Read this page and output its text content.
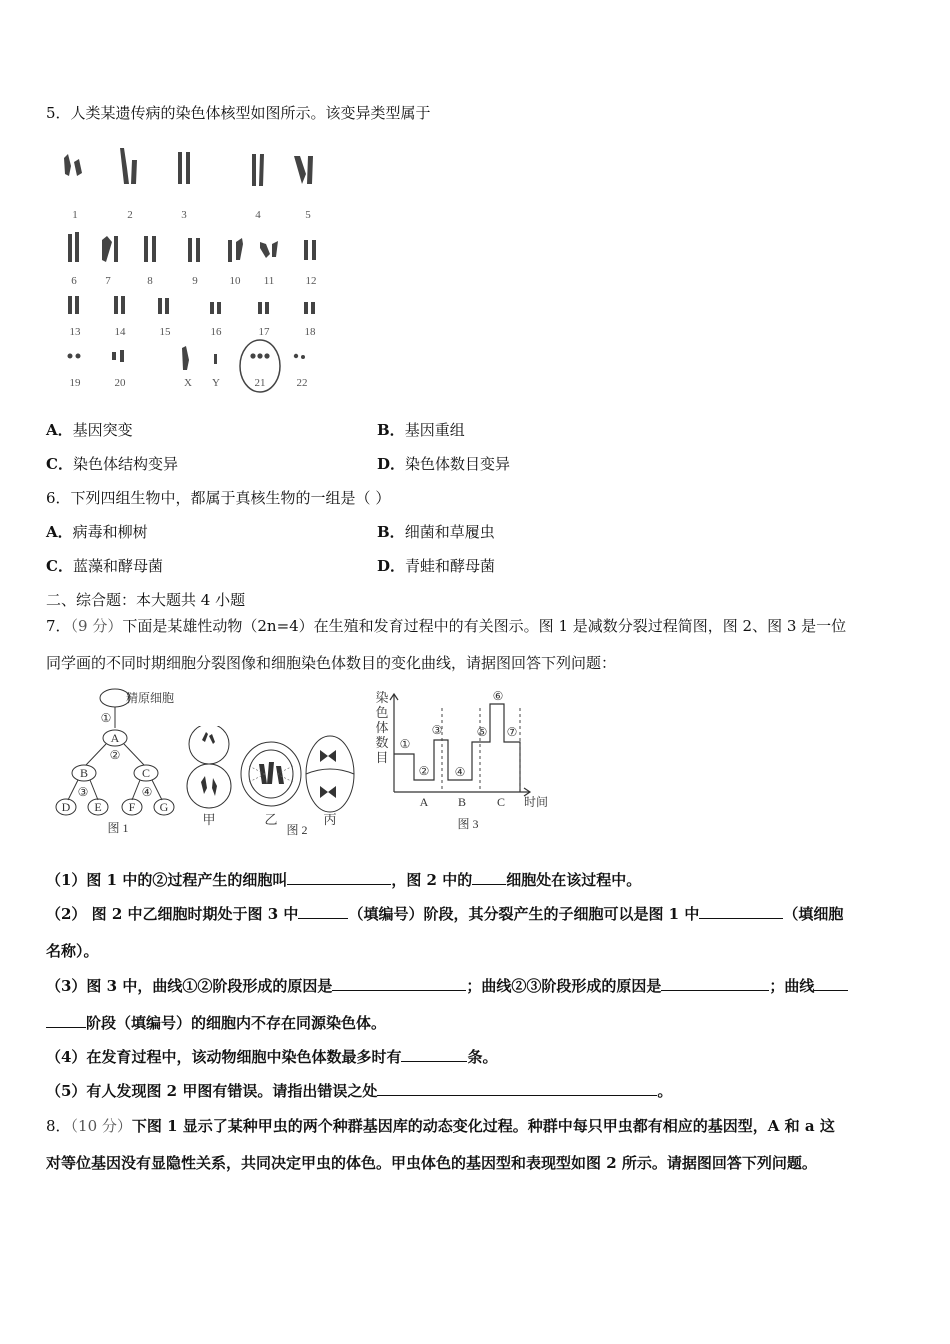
5．人类某遗传病的染色体核型如图所示。该变异类型属于
1	2	3	4	5
6	7	8	9	10 11	12
13	14	15	16	17	18
19	20	X Y	21	22
A．基因突变	B．基因重组
C．染色体结构变异	D．染色体数目变异
6．下列四组生物中，都属于真核生物的一组是（ ）
A．病毒和柳树	B．细菌和草履虫
C．蓝藻和酵母菌	D．青蛙和酵母菌
二、综合题：本大题共 4 小题
7．（9 分）下面是某雄性动物（2n=4）在生殖和发育过程中的有关图示。图 1 是减数分裂过程简图，图 2、图 3 是一位
同学画的不同时期细胞分裂图像和细胞染色体数目的变化曲线，请据图回答下列问题：
精原细胞
①
A
②
B	C
③	④
D E F G
图 1
甲	乙	丙
图 2
染
色
体
数
目
①
②
③
④
⑤
⑥
⑦
A B	C 时间
图 3
（1）图 1 中的②过程产生的细胞叫	，图 2 中的 细胞处在该过程中。
（2） 图 2 中乙细胞时期处于图 3 中	（填编号）阶段，其分裂产生的子细胞可以是图 1 中	（填细胞
名称）。
（3）图 3 中，曲线①②阶段形成的原因是	；曲线②③阶段形成的原因是	；曲线
阶段（填编号）的细胞内不存在同源染色体。
（4）在发育过程中，该动物细胞中染色体数最多时有	条。
（5）有人发现图 2 甲图有错误。请指出错误之处	。
8．（10 分）下图 1 显示了某种甲虫的两个种群基因库的动态变化过程。种群中每只甲虫都有相应的基因型，A 和 a 这
对等位基因没有显隐性关系，共同决定甲虫的体色。甲虫体色的基因型和表现型如图 2 所示。请据图回答下列问题。
